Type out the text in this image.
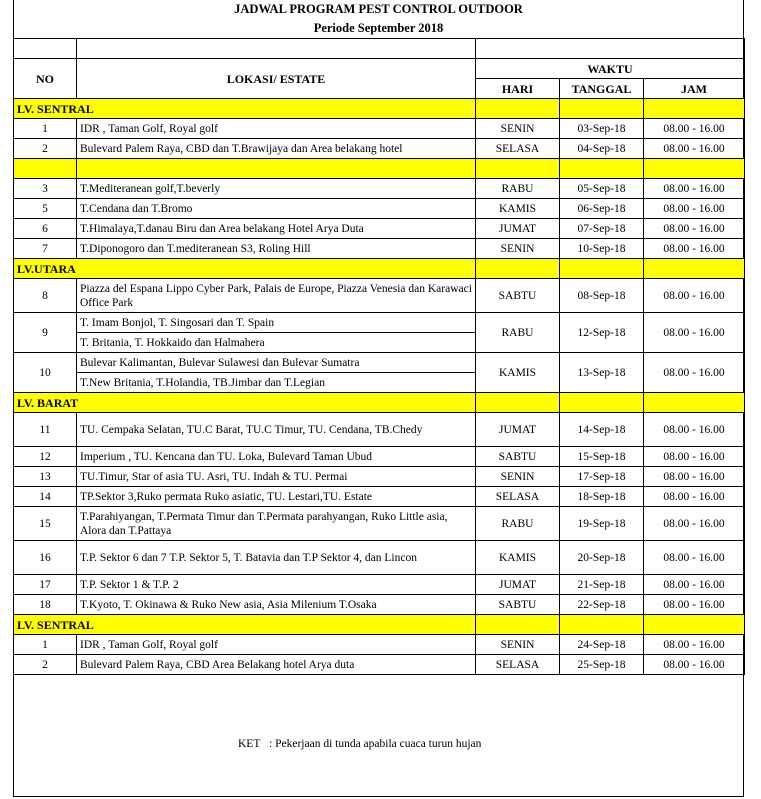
JADWAL PROGRAM PEST CONTROL OUTDOOR
Periode September 2018

NO	LOKASI/ ESTATE	WAKTU		
		HARI	TANGGAL	JAM
LV. SENTRAL				
1	IDR , Taman Golf, Royal golf	SENIN	03-Sep-18	08.00 - 16.00
2	Bulevard Palem Raya, CBD dan T.Brawijaya dan Area belakang hotel	SELASA	04-Sep-18	08.00 - 16.00

3	T.Mediteranean golf,T.beverly	RABU	05-Sep-18	08.00 - 16.00
5	T.Cendana dan T.Bromo	KAMIS	06-Sep-18	08.00 - 16.00
6	T.Himalaya,T.danau Biru dan Area belakang Hotel Arya Duta	JUMAT	07-Sep-18	08.00 - 16.00
7	T.Diponogoro dan T.mediteranean S3, Roling Hill	SENIN	10-Sep-18	08.00 - 16.00
LV.UTARA				
8	Piazza del Espana Lippo Cyber Park, Palais de Europe, Piazza Venesia dan Karawaci Office Park	SABTU	08-Sep-18	08.00 - 16.00
9	T. Imam Bonjol, T. Singosari dan T. Spain	RABU	12-Sep-18	08.00 - 16.00
	T. Britania, T. Hokkaido dan Halmahera			
10	Bulevar Kalimantan, Bulevar Sulawesi dan Bulevar Sumatra	KAMIS	13-Sep-18	08.00 - 16.00
	T.New Britania, T.Holandia, TB.Jimbar dan T.Legian			
LV. BARAT				
11	TU. Cempaka Selatan, TU.C Barat, TU.C Timur, TU. Cendana, TB.Chedy	JUMAT	14-Sep-18	08.00 - 16.00
12	Imperium , TU. Kencana dan TU. Loka, Bulevard Taman Ubud	SABTU	15-Sep-18	08.00 - 16.00
13	TU.Timur, Star of asia TU. Asri, TU. Indah & TU. Permai	SENIN	17-Sep-18	08.00 - 16.00
14	TP.Sektor 3,Ruko permata Ruko asiatic, TU. Lestari,TU. Estate	SELASA	18-Sep-18	08.00 - 16.00
15	T.Parahiyangan, T.Permata Timur dan T.Permata parahyangan, Ruko Little asia, Alora dan T.Pattaya	RABU	19-Sep-18	08.00 - 16.00
16	T.P. Sektor 6 dan 7 T.P. Sektor 5, T. Batavia dan T.P Sektor 4, dan Lincon	KAMIS	20-Sep-18	08.00 - 16.00
17	T.P. Sektor 1 & T.P. 2	JUMAT	21-Sep-18	08.00 - 16.00
18	T.Kyoto, T. Okinawa & Ruko New asia, Asia Milenium T.Osaka	SABTU	22-Sep-18	08.00 - 16.00
LV. SENTRAL				
1	IDR , Taman Golf, Royal golf	SENIN	24-Sep-18	08.00 - 16.00
2	Bulevard Palem Raya, CBD Area Belakang hotel Arya duta	SELASA	25-Sep-18	08.00 - 16.00
KET : Pekerjaan di tunda apabila cuaca turun hujan
